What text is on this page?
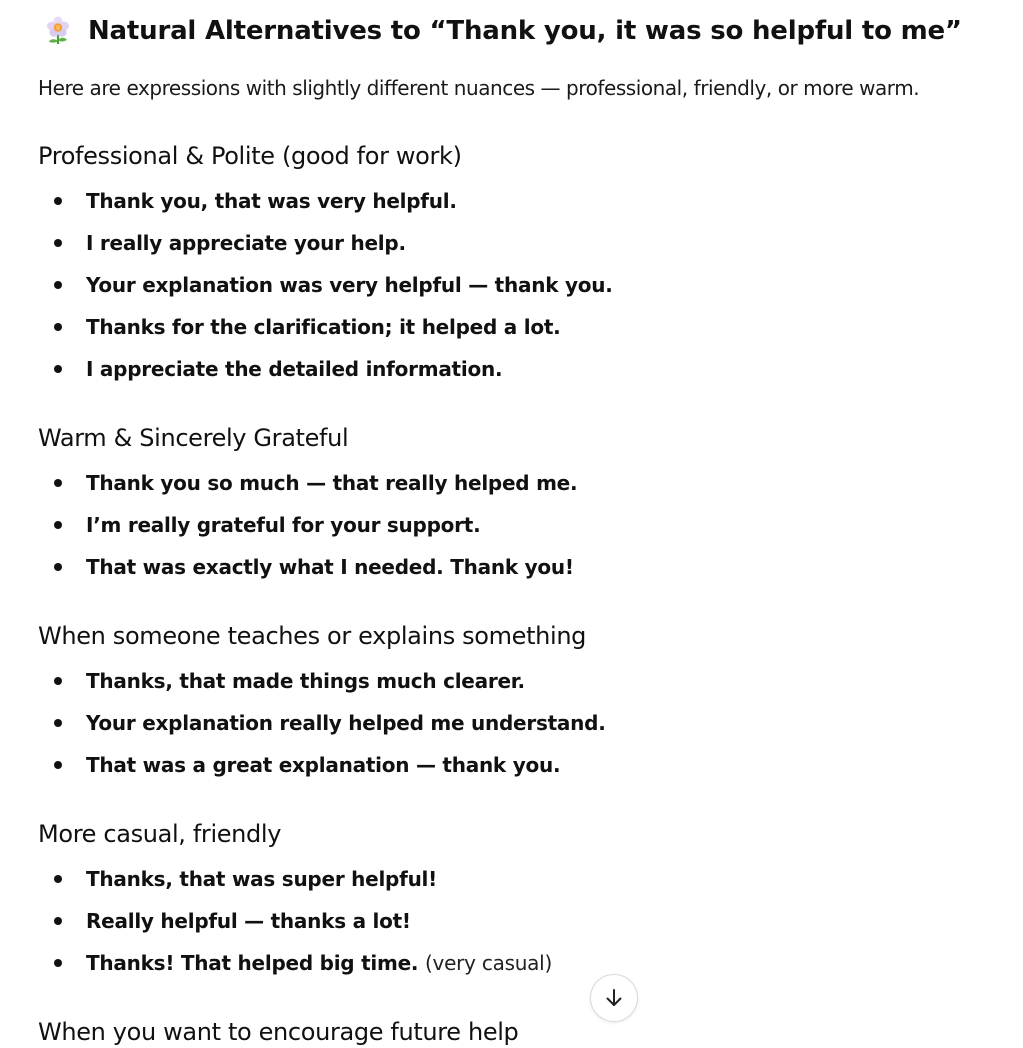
Natural Alternatives to “Thank you, it was so helpful to me”
Here are expressions with slightly different nuances — professional, friendly, or more warm.
Professional & Polite (good for work)
Thank you, that was very helpful.
I really appreciate your help.
Your explanation was very helpful — thank you.
Thanks for the clarification; it helped a lot.
I appreciate the detailed information.
Warm & Sincerely Grateful
Thank you so much — that really helped me.
I’m really grateful for your support.
That was exactly what I needed. Thank you!
When someone teaches or explains something
Thanks, that made things much clearer.
Your explanation really helped me understand.
That was a great explanation — thank you.
More casual, friendly
Thanks, that was super helpful!
Really helpful — thanks a lot!
Thanks! That helped big time. (very casual)
When you want to encourage future help
